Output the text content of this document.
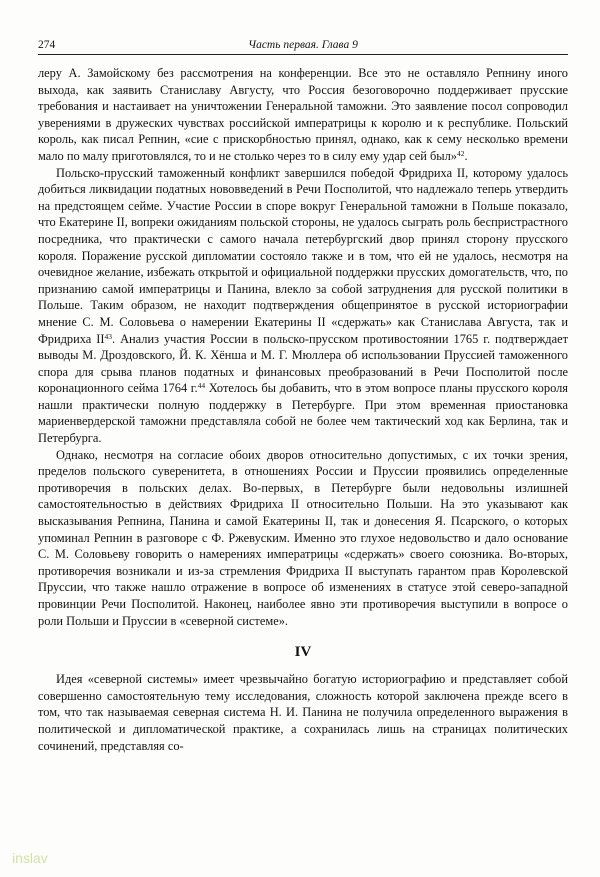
274	Часть первая. Глава 9

леру А. Замойскому без рассмотрения на конференции. Все это не оставляло Репнину иного выхода, как заявить Станиславу Августу, что Россия безоговорочно поддерживает прусские требования и настаивает на уничтожении Генеральной таможни. Это заявление посол сопроводил уверениями в дружеских чувствах российской императрицы к королю и к республике. Польский король, как писал Репнин, «сие с прискорбностью принял, однако, как к сему несколько времени мало по малу приготовлялся, то и не столько через то в силу ему удар сей был»$^{42}$.

Польско-прусский таможенный конфликт завершился победой Фридриха II, которому удалось добиться ликвидации податных нововведений в Речи Посполитой, что надлежало теперь утвердить на предстоящем сейме. Участие России в споре вокруг Генеральной таможни в Польше показало, что Екатерине II, вопреки ожиданиям польской стороны, не удалось сыграть роль беспристрастного посредника, что практически с самого начала петербургский двор принял сторону прусского короля. Поражение русской дипломатии состояло также и в том, что ей не удалось, несмотря на очевидное желание, избежать открытой и официальной поддержки прусских домогательств, что, по признанию самой императрицы и Панина, влекло за собой затруднения для русской политики в Польше. Таким образом, не находит подтверждения общепринятое в русской историографии мнение С. М. Соловьева о намерении Екатерины II «сдержать» как Станислава Августа, так и Фридриха II$^{43}$. Анализ участия России в польско-прусском противостоянии 1765 г. подтверждает выводы М. Дроздовского, Й. К. Хёнша и М. Г. Мюллера об использовании Пруссией таможенного спора для срыва планов податных и финансовых преобразований в Речи Посполитой после коронационного сейма 1764 г.$^{44}$ Хотелось бы добавить, что в этом вопросе планы прусского короля нашли практически полную поддержку в Петербурге. При этом временная приостановка мариенвердерской таможни представляла собой не более чем тактический ход как Берлина, так и Петербурга.

Однако, несмотря на согласие обоих дворов относительно допустимых, с их точки зрения, пределов польского суверенитета, в отношениях России и Пруссии проявились определенные противоречия в польских делах. Во-первых, в Петербурге были недовольны излишней самостоятельностью в действиях Фридриха II относительно Польши. На это указывают как высказывания Репнина, Панина и самой Екатерины II, так и донесения Я. Псарского, о которых упоминал Репнин в разговоре с Ф. Ржевуским. Именно это глухое недовольство и дало основание С. М. Соловьеву говорить о намерениях императрицы «сдержать» своего союзника. Во-вторых, противоречия возникали и из-за стремления Фридриха II выступать гарантом прав Королевской Пруссии, что также нашло отражение в вопросе об изменениях в статусе этой северо-западной провинции Речи Посполитой. Наконец, наиболее явно эти противоречия выступили в вопросе о роли Польши и Пруссии в «северной системе».

IV

Идея «северной системы» имеет чрезвычайно богатую историографию и представляет собой совершенно самостоятельную тему исследования, сложность которой заключена прежде всего в том, что так называемая северная система Н. И. Панина не получила определенного выражения в политической и дипломатической практике, а сохранилась лишь на страницах политических сочинений, представляя со-

inslav
